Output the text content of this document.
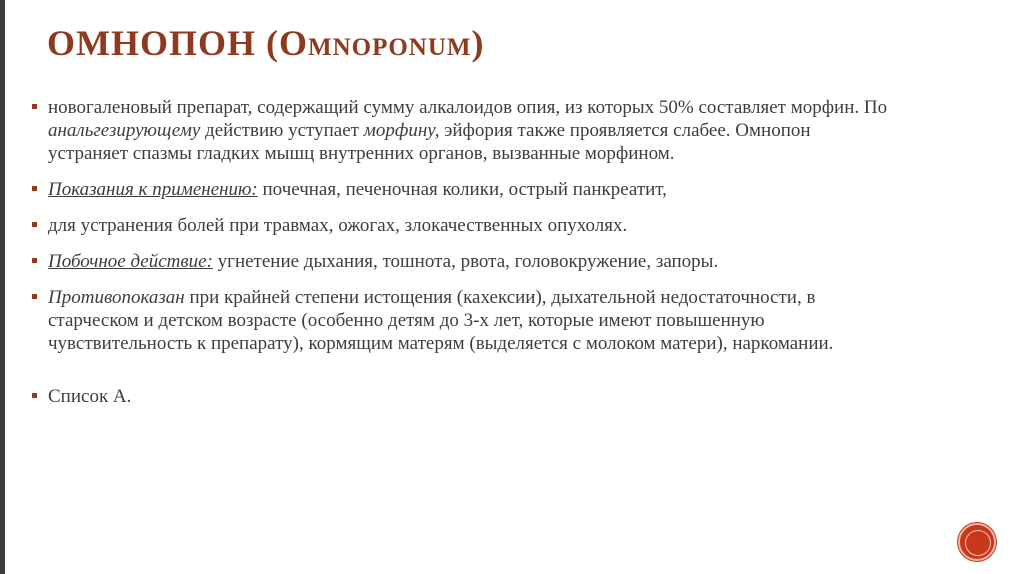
ОМНОПОН (Omnoponum)
новогаленовый препарат, содержащий сумму алкалоидов опия, из которых 50% составляет морфин. По анальгезирующему действию уступает морфину, эйфория также проявляется слабее. Омнопон устраняет спазмы гладких мышц внутренних органов, вызванные морфином.
Показания к применению: почечная, печеночная колики, острый панкреатит,
для устранения болей при травмах, ожогах, злокачественных опухолях.
Побочное действие: угнетение дыхания, тошнота, рвота, головокружение, запоры.
Противопоказан при крайней степени истощения (кахексии), дыхательной недостаточности, в старческом и детском возрасте (особенно детям до 3-х лет, которые имеют повышенную чувствительность к препарату), кормящим матерям (выделяется с молоком матери), наркомании.
Список А.
